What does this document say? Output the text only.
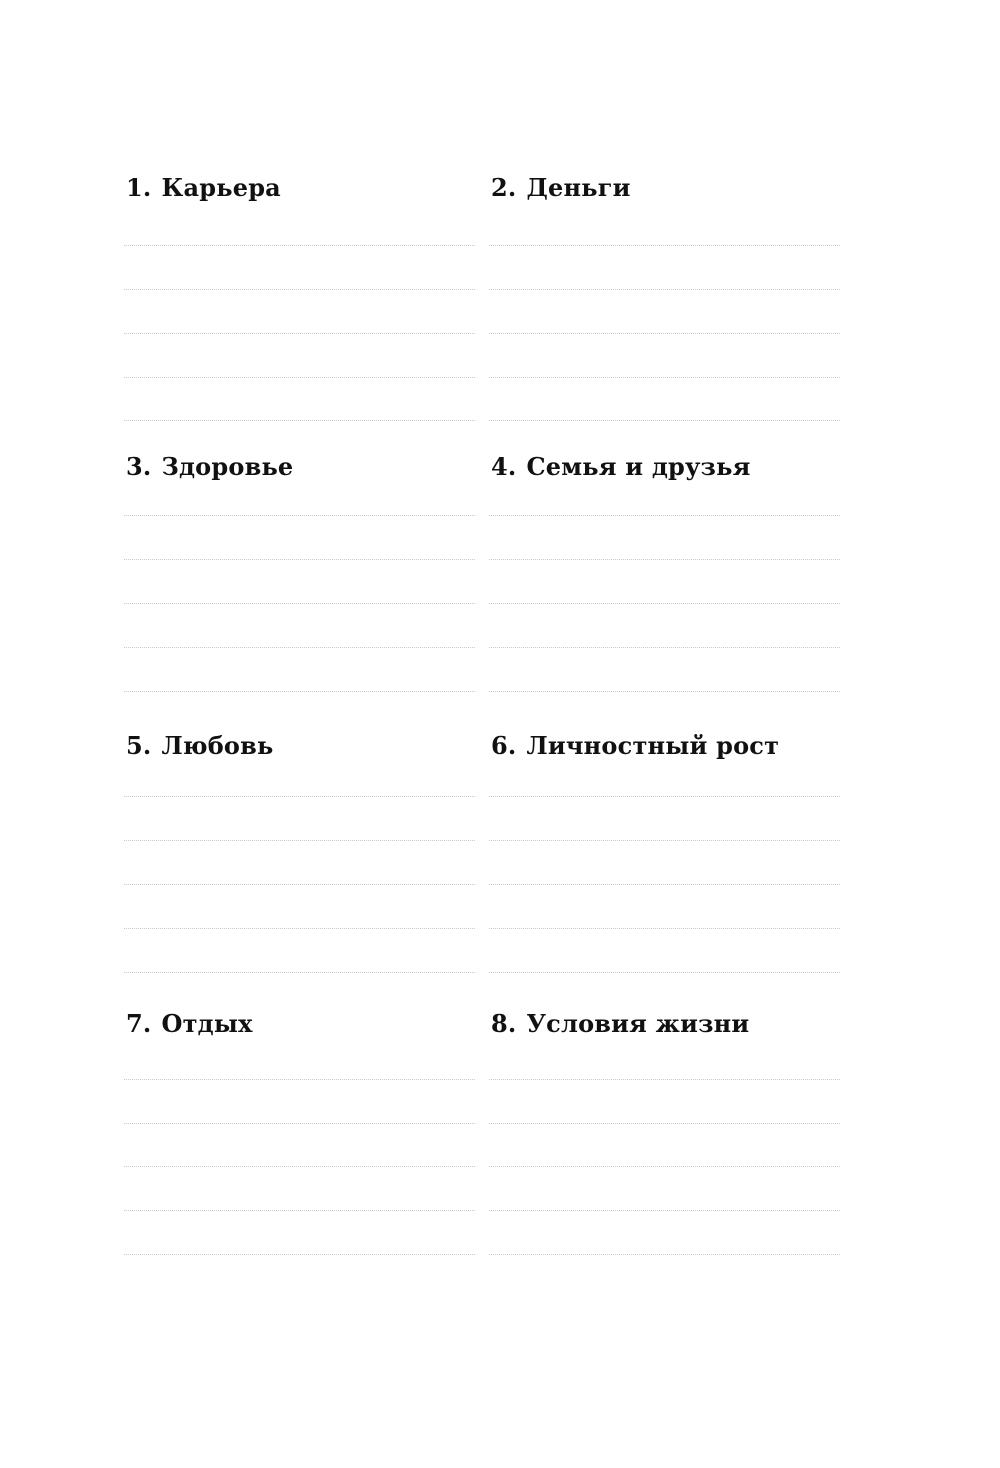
1. Карьера	2. Деньги
3. Здоровье	4. Семья и друзья
5. Любовь	6. Личностный рост
7. Отдых	8. Условия жизни
